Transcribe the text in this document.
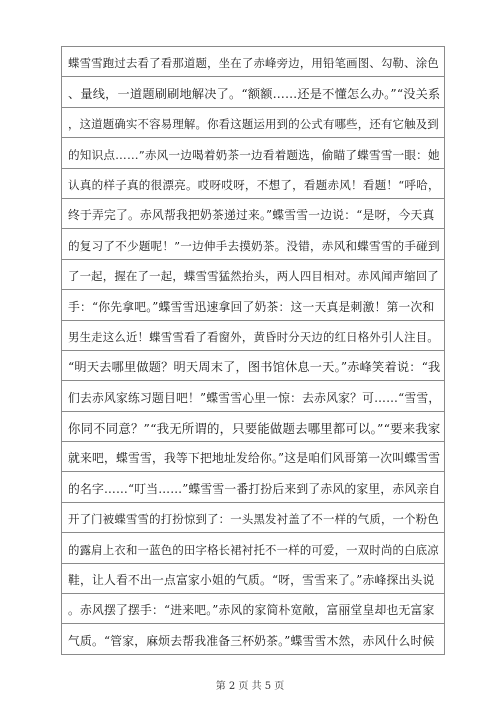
蝶雪雪跑过去看了看那道题，坐在了赤峰旁边，用铅笔画图、勾勒、涂色
、量线，一道题刷刷地解决了。“额额……还是不懂怎么办。”“没关系
，这道题确实不容易理解。你看这题运用到的公式有哪些，还有它触及到
的知识点……”赤风一边喝着奶茶一边看着题选，偷瞄了蝶雪雪一眼：她
认真的样子真的很漂亮。哎呀哎呀，不想了，看题赤风！看题！“呼哈，
终于弄完了。赤风帮我把奶茶递过来。”蝶雪雪一边说：“是呀，今天真
的复习了不少题呢！”一边伸手去摸奶茶。没错，赤风和蝶雪雪的手碰到
了一起，握在了一起，蝶雪雪猛然抬头，两人四目相对。赤风闻声缩回了
手：“你先拿吧。”蝶雪雪迅速拿回了奶茶：这一天真是刺激！第一次和
男生走这么近！蝶雪雪看了看窗外，黄昏时分天边的红日格外引人注目。
“明天去哪里做题？明天周末了，图书馆休息一天。”赤峰笑着说：“我
们去赤风家练习题目吧！”蝶雪雪心里一惊：去赤风家？可……“雪雪，
你同不同意？”“我无所谓的，只要能做题去哪里都可以。”“要来我家
就来吧，蝶雪雪，我等下把地址发给你。”这是咱们风哥第一次叫蝶雪雪
的名字……“叮当……”蝶雪雪一番打扮后来到了赤风的家里，赤风亲自
开了门被蝶雪雪的打扮惊到了：一头黑发衬盖了不一样的气质，一个粉色
的露肩上衣和一蓝色的田字格长裙衬托不一样的可爱，一双时尚的白底凉
鞋，让人看不出一点富家小姐的气质。“呀，雪雪来了。”赤峰探出头说
。赤风摆了摆手：“进来吧。”赤风的家简朴宽敞，富丽堂皇却也无富家
气质。“管家，麻烦去帮我准备三杯奶茶。”蝶雪雪木然，赤风什么时候
第 2 页 共 5 页
